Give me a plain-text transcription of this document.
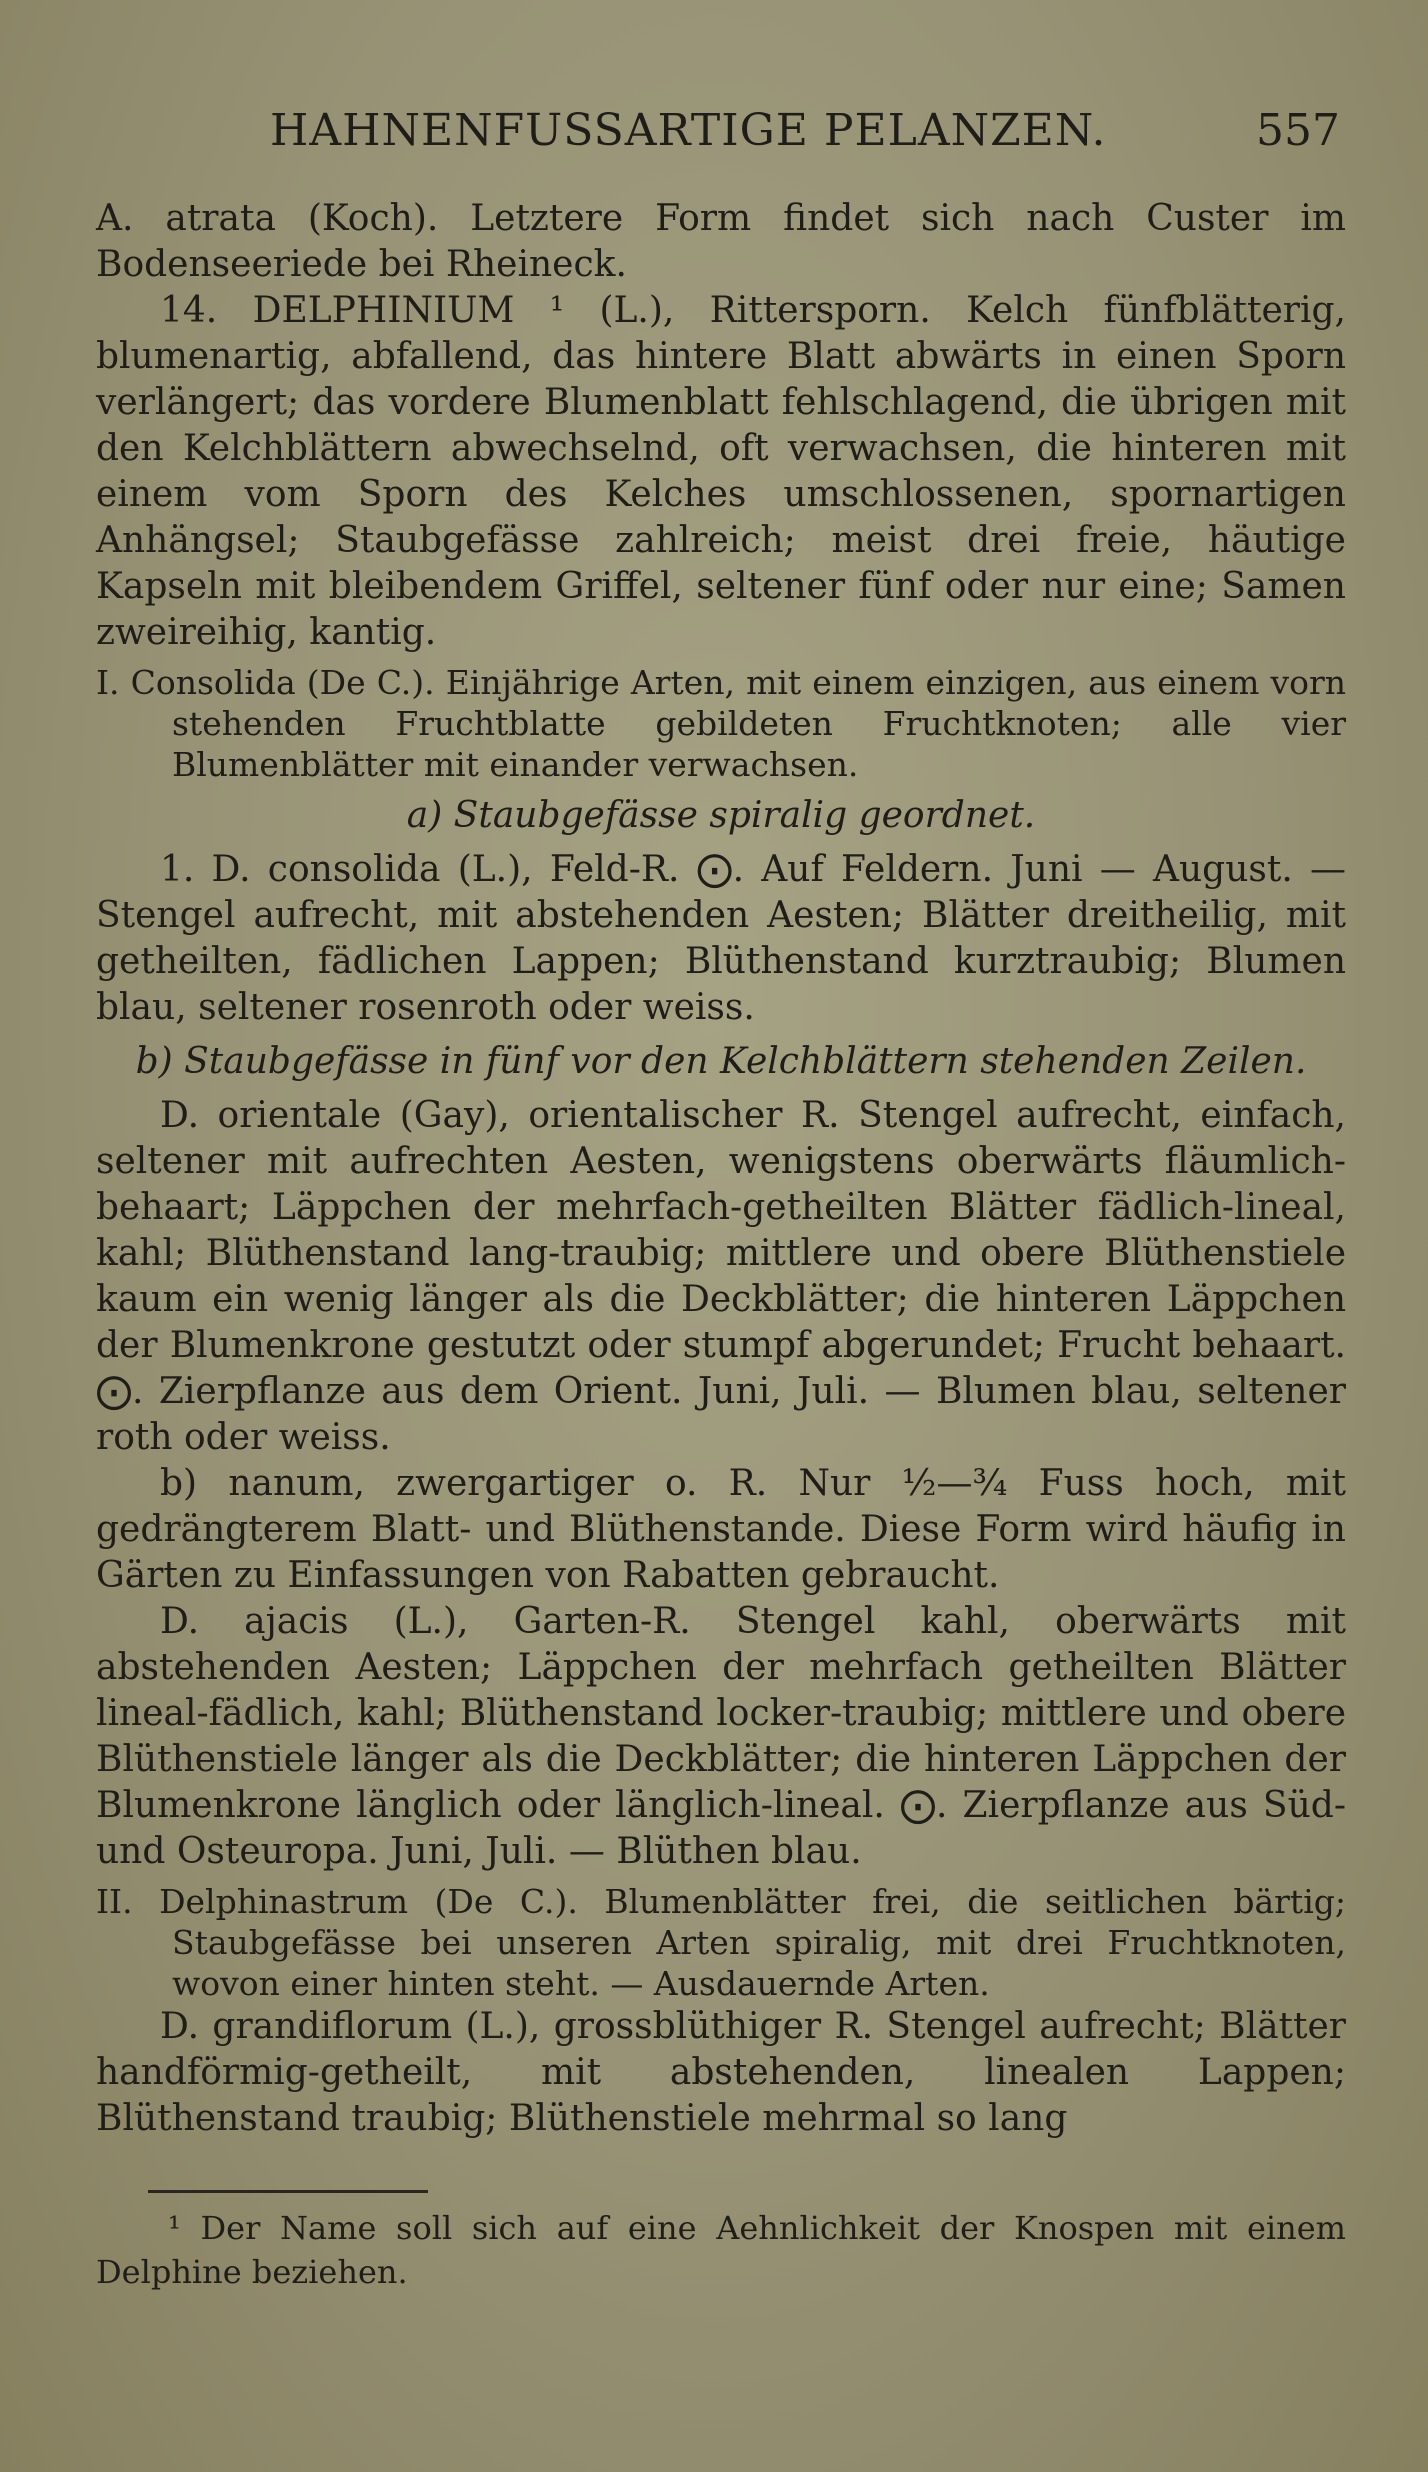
HAHNENFUSSARTIGE PELANZEN.	557

A. atrata (Koch). Letztere Form findet sich nach Custer im Bodenseeriede bei Rheineck.

14. DELPHINIUM ¹ (L.), Rittersporn. Kelch fünfblätterig, blumenartig, abfallend, das hintere Blatt abwärts in einen Sporn verlängert; das vordere Blumenblatt fehlschlagend, die übrigen mit den Kelchblättern abwechselnd, oft verwachsen, die hinteren mit einem vom Sporn des Kelches umschlossenen, spornartigen Anhängsel; Staubgefässe zahlreich; meist drei freie, häutige Kapseln mit bleibendem Griffel, seltener fünf oder nur eine; Samen zweireihig, kantig.

I. Consolida (De C.). Einjährige Arten, mit einem einzigen, aus einem vorn stehenden Fruchtblatte gebildeten Fruchtknoten; alle vier Blumenblätter mit einander verwachsen.

a) Staubgefässe spiralig geordnet.

1. D. consolida (L.), Feld-R. ⨀. Auf Feldern. Juni — August. — Stengel aufrecht, mit abstehenden Aesten; Blätter dreitheilig, mit getheilten, fädlichen Lappen; Blüthenstand kurztraubig; Blumen blau, seltener rosenroth oder weiss.

b) Staubgefässe in fünf vor den Kelchblättern stehenden Zeilen.

D. orientale (Gay), orientalischer R. Stengel aufrecht, einfach, seltener mit aufrechten Aesten, wenigstens oberwärts fläumlich-behaart; Läppchen der mehrfach-getheilten Blätter fädlich-lineal, kahl; Blüthenstand lang-traubig; mittlere und obere Blüthenstiele kaum ein wenig länger als die Deckblätter; die hinteren Läppchen der Blumenkrone gestutzt oder stumpf abgerundet; Frucht behaart. ⨀. Zierpflanze aus dem Orient. Juni, Juli. — Blumen blau, seltener roth oder weiss.

b) nanum, zwergartiger o. R. Nur ½—¾ Fuss hoch, mit gedrängterem Blatt- und Blüthenstande. Diese Form wird häufig in Gärten zu Einfassungen von Rabatten gebraucht.

D. ajacis (L.), Garten-R. Stengel kahl, oberwärts mit abstehenden Aesten; Läppchen der mehrfach getheilten Blätter lineal-fädlich, kahl; Blüthenstand locker-traubig; mittlere und obere Blüthenstiele länger als die Deckblätter; die hinteren Läppchen der Blumenkrone länglich oder länglich-lineal. ⨀. Zierpflanze aus Süd- und Osteuropa. Juni, Juli. — Blüthen blau.

II. Delphinastrum (De C.). Blumenblätter frei, die seitlichen bärtig; Staubgefässe bei unseren Arten spiralig, mit drei Fruchtknoten, wovon einer hinten steht. — Ausdauernde Arten.

D. grandiflorum (L.), grossblüthiger R. Stengel aufrecht; Blätter handförmig-getheilt, mit abstehenden, linealen Lappen; Blüthenstand traubig; Blüthenstiele mehrmal so lang

¹ Der Name soll sich auf eine Aehnlichkeit der Knospen mit einem Delphine beziehen.
